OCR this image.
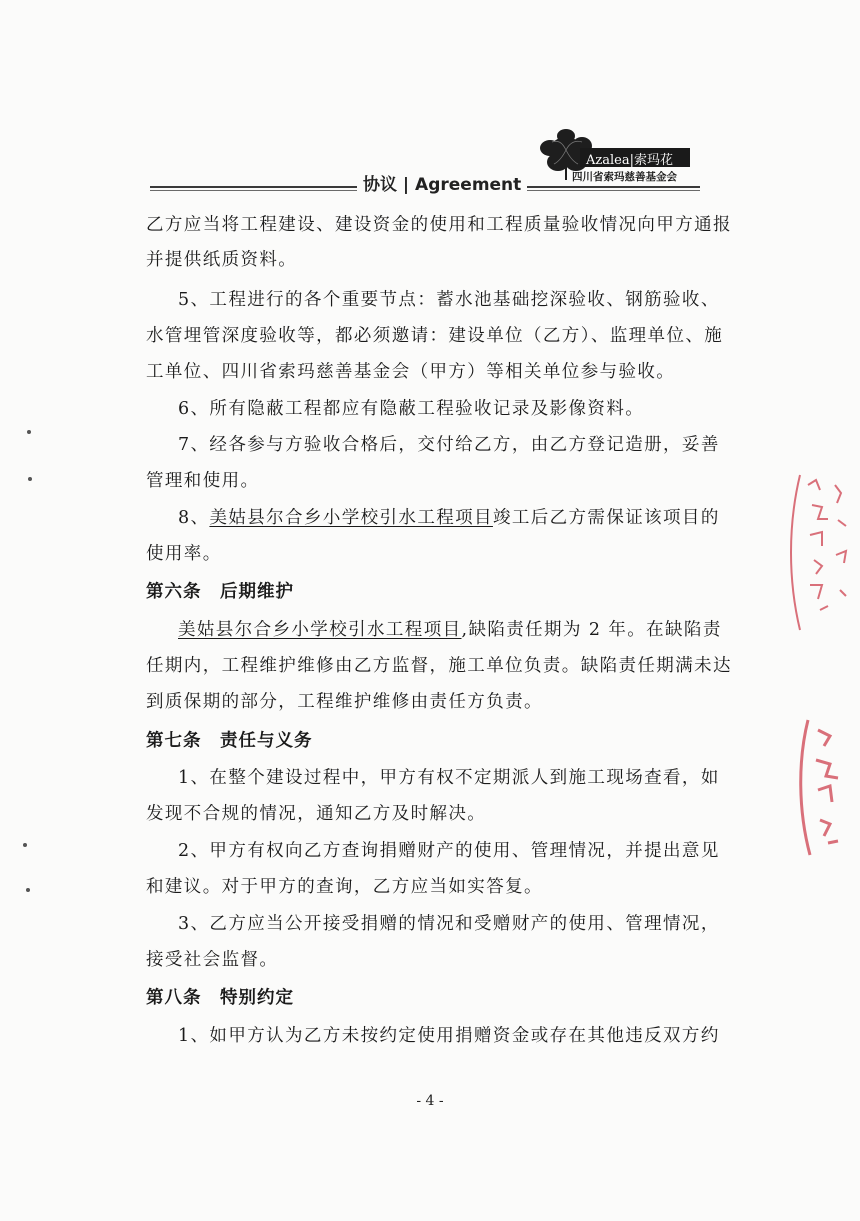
协议 | Agreement
Azalea|索玛花
四川省索玛慈善基金会
乙方应当将工程建设、建设资金的使用和工程质量验收情况向甲方通报
并提供纸质资料。
5、工程进行的各个重要节点：蓄水池基础挖深验收、钢筋验收、
水管埋管深度验收等，都必须邀请：建设单位（乙方）、监理单位、施
工单位、四川省索玛慈善基金会（甲方）等相关单位参与验收。
6、所有隐蔽工程都应有隐蔽工程验收记录及影像资料。
7、经各参与方验收合格后，交付给乙方，由乙方登记造册，妥善
管理和使用。
8、美姑县尔合乡小学校引水工程项目竣工后乙方需保证该项目的
使用率。
第六条　后期维护
美姑县尔合乡小学校引水工程项目,缺陷责任期为 2 年。在缺陷责
任期内，工程维护维修由乙方监督，施工单位负责。缺陷责任期满未达
到质保期的部分，工程维护维修由责任方负责。
第七条　责任与义务
1、在整个建设过程中，甲方有权不定期派人到施工现场查看，如
发现不合规的情况，通知乙方及时解决。
2、甲方有权向乙方查询捐赠财产的使用、管理情况，并提出意见
和建议。对于甲方的查询，乙方应当如实答复。
3、乙方应当公开接受捐赠的情况和受赠财产的使用、管理情况，
接受社会监督。
第八条　特别约定
1、如甲方认为乙方未按约定使用捐赠资金或存在其他违反双方约
- 4 -
